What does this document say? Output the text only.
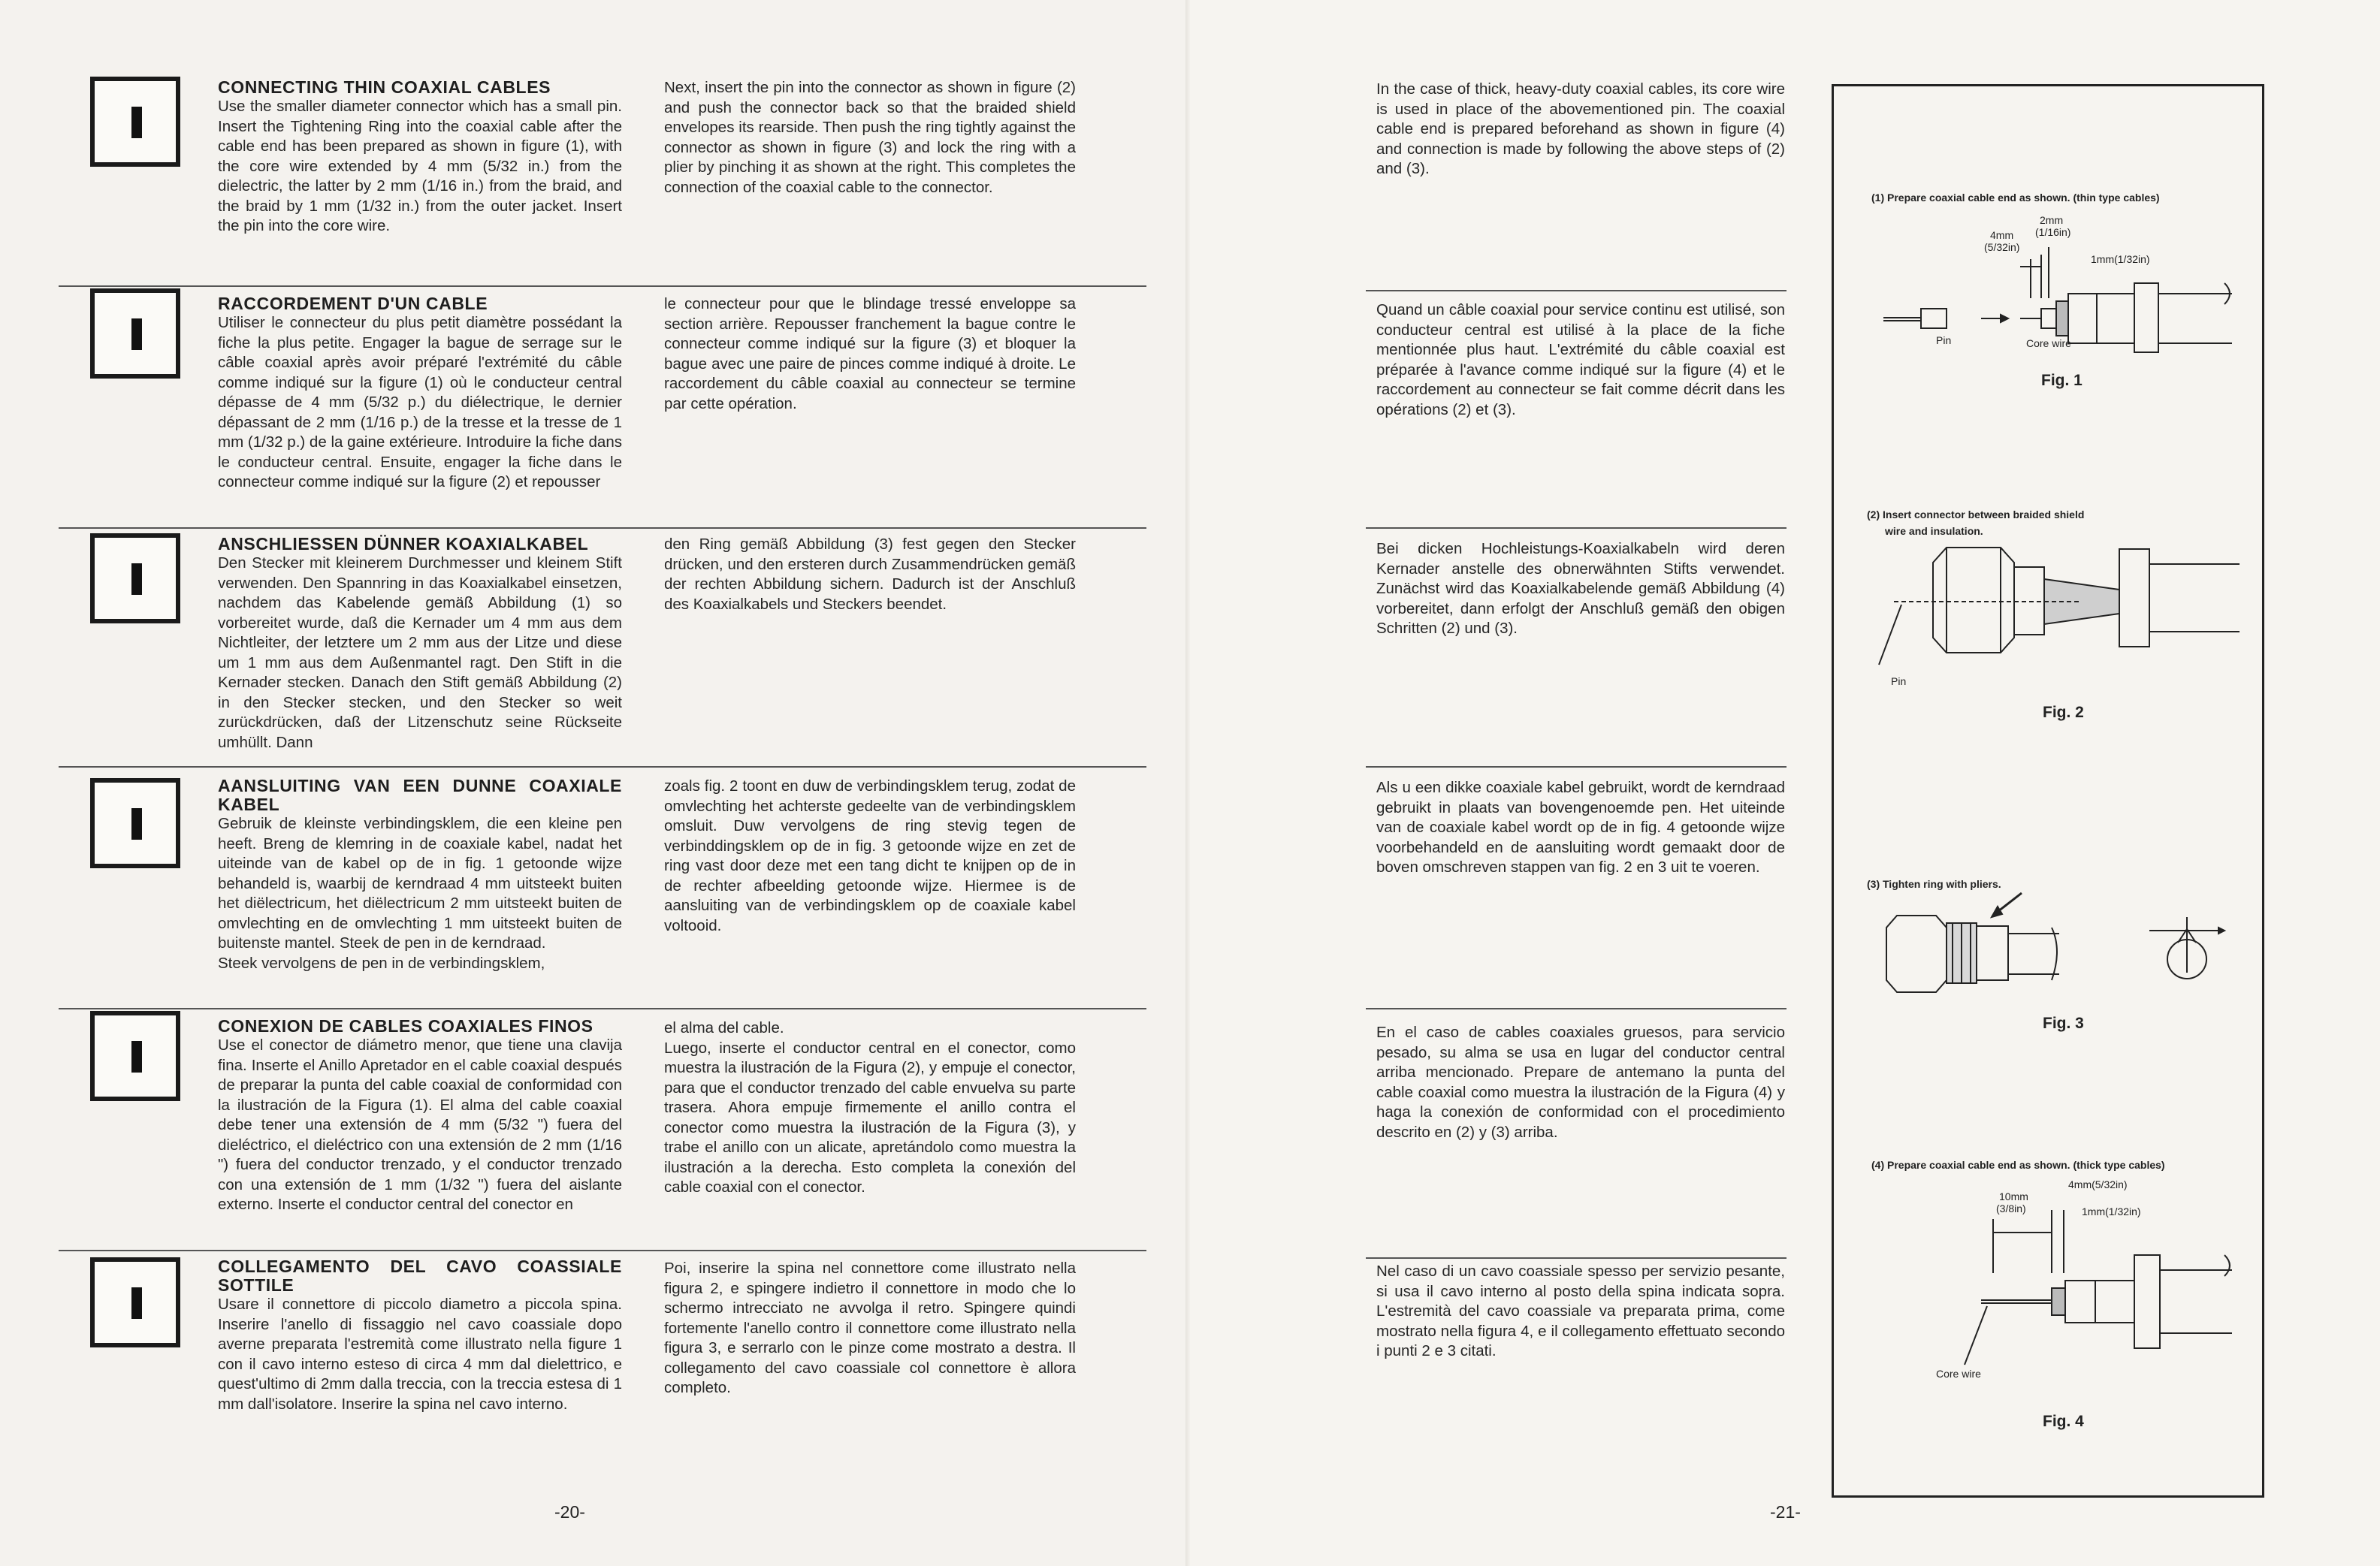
CONNECTING THIN COAXIAL CABLES
Use the smaller diameter connector which has a small pin. Insert the Tightening Ring into the coaxial cable after the cable end has been prepared as shown in figure (1), with the core wire extended by 4 mm (5/32 in.) from the dielectric, the latter by 2 mm (1/16 in.) from the braid, and the braid by 1 mm (1/32 in.) from the outer jacket. Insert the pin into the core wire.
Next, insert the pin into the connector as shown in figure (2) and push the connector back so that the braided shield envelopes its rearside. Then push the ring tightly against the connector as shown in figure (3) and lock the ring with a plier by pinching it as shown at the right. This completes the connection of the coaxial cable to the connector.
RACCORDEMENT D'UN CABLE
Utiliser le connecteur du plus petit diamètre possédant la fiche la plus petite. Engager la bague de serrage sur le câble coaxial après avoir préparé l'extrémité du câble comme indiqué sur la figure (1) où le conducteur central dépasse de 4 mm (5/32 p.) du diélectrique, le dernier dépassant de 2 mm (1/16 p.) de la tresse et la tresse de 1 mm (1/32 p.) de la gaine extérieure. Introduire la fiche dans le conducteur central. Ensuite, engager la fiche dans le connecteur comme indiqué sur la figure (2) et repousser
le connecteur pour que le blindage tressé enveloppe sa section arrière. Repousser franchement la bague contre le connecteur comme indiqué sur la figure (3) et bloquer la bague avec une paire de pinces comme indiqué à droite. Le raccordement du câble coaxial au connecteur se termine par cette opération.
ANSCHLIESSEN DÜNNER KOAXIALKABEL
Den Stecker mit kleinerem Durchmesser und kleinem Stift verwenden. Den Spannring in das Koaxialkabel einsetzen, nachdem das Kabelende gemäß Abbildung (1) so vorbereitet wurde, daß die Kernader um 4 mm aus dem Nichtleiter, der letztere um 2 mm aus der Litze und diese um 1 mm aus dem Außenmantel ragt. Den Stift in die Kernader stecken. Danach den Stift gemäß Abbildung (2) in den Stecker stecken, und den Stecker so weit zurückdrücken, daß der Litzenschutz seine Rückseite umhüllt. Dann
den Ring gemäß Abbildung (3) fest gegen den Stecker drücken, und den ersteren durch Zusammendrücken gemäß der rechten Abbildung sichern. Dadurch ist der Anschluß des Koaxialkabels und Steckers beendet.
AANSLUITING VAN EEN DUNNE COAXIALE KABEL
Gebruik de kleinste verbindingsklem, die een kleine pen heeft. Breng de klemring in de coaxiale kabel, nadat het uiteinde van de kabel op de in fig. 1 getoonde wijze behandeld is, waarbij de kerndraad 4 mm uitsteekt buiten het diëlectricum, het diëlectricum 2 mm uitsteekt buiten de omvlechting en de omvlechting 1 mm uitsteekt buiten de buitenste mantel. Steek de pen in de kerndraad.
Steek vervolgens de pen in de verbindingsklem,
zoals fig. 2 toont en duw de verbindingsklem terug, zodat de omvlechting het achterste gedeelte van de verbindingsklem omsluit. Duw vervolgens de ring stevig tegen de verbinddingsklem op de in fig. 3 getoonde wijze en zet de ring vast door deze met een tang dicht te knijpen op de in de rechter afbeelding getoonde wijze. Hiermee is de aansluiting van de verbindingsklem op de coaxiale kabel voltooid.
CONEXION DE CABLES COAXIALES FINOS
Use el conector de diámetro menor, que tiene una clavija fina. Inserte el Anillo Apretador en el cable coaxial después de preparar la punta del cable coaxial de conformidad con la ilustración de la Figura (1). El alma del cable coaxial debe tener una extensión de 4 mm (5/32 ") fuera del dieléctrico, el dieléctrico con una extensión de 2 mm (1/16 ") fuera del conductor trenzado, y el conductor trenzado con una extensión de 1 mm (1/32 ") fuera del aislante externo. Inserte el conductor central del conector en
el alma del cable.
Luego, inserte el conductor central en el conector, como muestra la ilustración de la Figura (2), y empuje el conector, para que el conductor trenzado del cable envuelva su parte trasera. Ahora empuje firmemente el anillo contra el conector como muestra la ilustración de la Figura (3), y trabe el anillo con un alicate, apretándolo como muestra la ilustración a la derecha. Esto completa la conexión del cable coaxial con el conector.
COLLEGAMENTO DEL CAVO COASSIALE SOTTILE
Usare il connettore di piccolo diametro a piccola spina. Inserire l'anello di fissaggio nel cavo coassiale dopo averne preparata l'estremità come illustrato nella figure 1 con il cavo interno esteso di circa 4 mm dal dielettrico, e quest'ultimo di 2mm dalla treccia, con la treccia estesa di 1 mm dall'isolatore. Inserire la spina nel cavo interno.
Poi, inserire la spina nel connettore come illustrato nella figura 2, e spingere indietro il connettore in modo che lo schermo intrecciato ne avvolga il retro. Spingere quindi fortemente l'anello contro il connettore come illustrato nella figura 3, e serrarlo con le pinze come mostrato a destra. Il collegamento del cavo coassiale col connettore è allora completo.
-20-
In the case of thick, heavy-duty coaxial cables, its core wire is used in place of the abovementioned pin. The coaxial cable end is prepared beforehand as shown in figure (4) and connection is made by following the above steps of (2) and (3).
Quand un câble coaxial pour service continu est utilisé, son conducteur central est utilisé à la place de la fiche mentionnée plus haut. L'extrémité du câble coaxial est préparée à l'avance comme indiqué sur la figure (4) et le raccordement au connecteur se fait comme décrit dans les opérations (2) et (3).
Bei dicken Hochleistungs-Koaxialkabeln wird deren Kernader anstelle des obnerwähnten Stifts verwendet. Zunächst wird das Koaxialkabelende gemäß Abbildung (4) vorbereitet, dann erfolgt der Anschluß gemäß den obigen Schritten (2) und (3).
Als u een dikke coaxiale kabel gebruikt, wordt de kerndraad gebruikt in plaats van bovengenoemde pen. Het uiteinde van de coaxiale kabel wordt op de in fig. 4 getoonde wijze voorbehandeld en de aansluiting wordt gemaakt door de boven omschreven stappen van fig. 2 en 3 uit te voeren.
En el caso de cables coaxiales gruesos, para servicio pesado, su alma se usa en lugar del conductor central arriba mencionado. Prepare de antemano la punta del cable coaxial como muestra la ilustración de la Figura (4) y haga la conexión de conformidad con el procedimiento descrito en (2) y (3) arriba.
Nel caso di un cavo coassiale spesso per servizio pesante, si usa il cavo interno al posto della spina indicata sopra. L'estremità del cavo coassiale va preparata prima, come mostrato nella figura 4, e il collegamento effettuato secondo i punti 2 e 3 citati.
(1) Prepare coaxial cable end as shown. (thin type cables)
4mm
(5/32in)
2mm
(1/16in)
1mm(1/32in)
Pin	Core wire
Fig. 1
(2) Insert connector between braided shield
wire and insulation.
Pin
Fig. 2
(3) Tighten ring with pliers.
Fig. 3
(4) Prepare coaxial cable end as shown. (thick type cables)
10mm
(3/8in)
4mm(5/32in)
1mm(1/32in)
Core wire
Fig. 4
-21-
